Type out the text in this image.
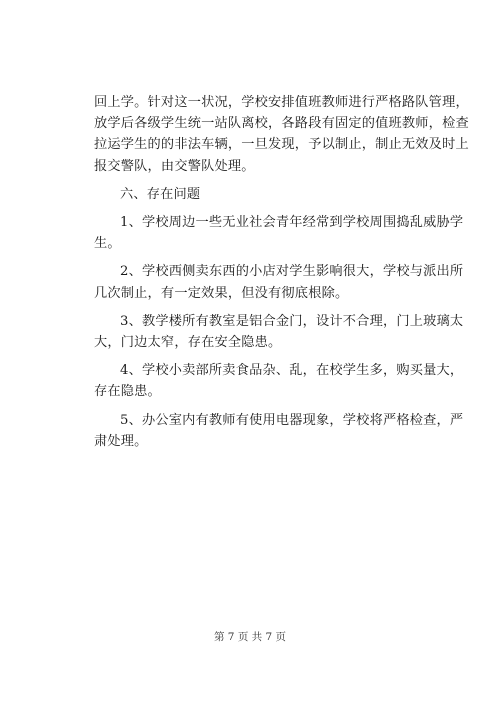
回上学。针对这一状况，学校安排值班教师进行严格路队管理，
放学后各级学生统一站队离校，各路段有固定的值班教师，检查
拉运学生的的非法车辆，一旦发现，予以制止，制止无效及时上
报交警队，由交警队处理。
六、存在问题
1、学校周边一些无业社会青年经常到学校周围捣乱威胁学
生。
2、学校西侧卖东西的小店对学生影响很大，学校与派出所
几次制止，有一定效果，但没有彻底根除。
3、教学楼所有教室是铝合金门，设计不合理，门上玻璃太
大，门边太窄，存在安全隐患。
4、学校小卖部所卖食品杂、乱，在校学生多，购买量大，
存在隐患。
5、办公室内有教师有使用电器现象，学校将严格检查，严
肃处理。
第 7 页 共 7 页
